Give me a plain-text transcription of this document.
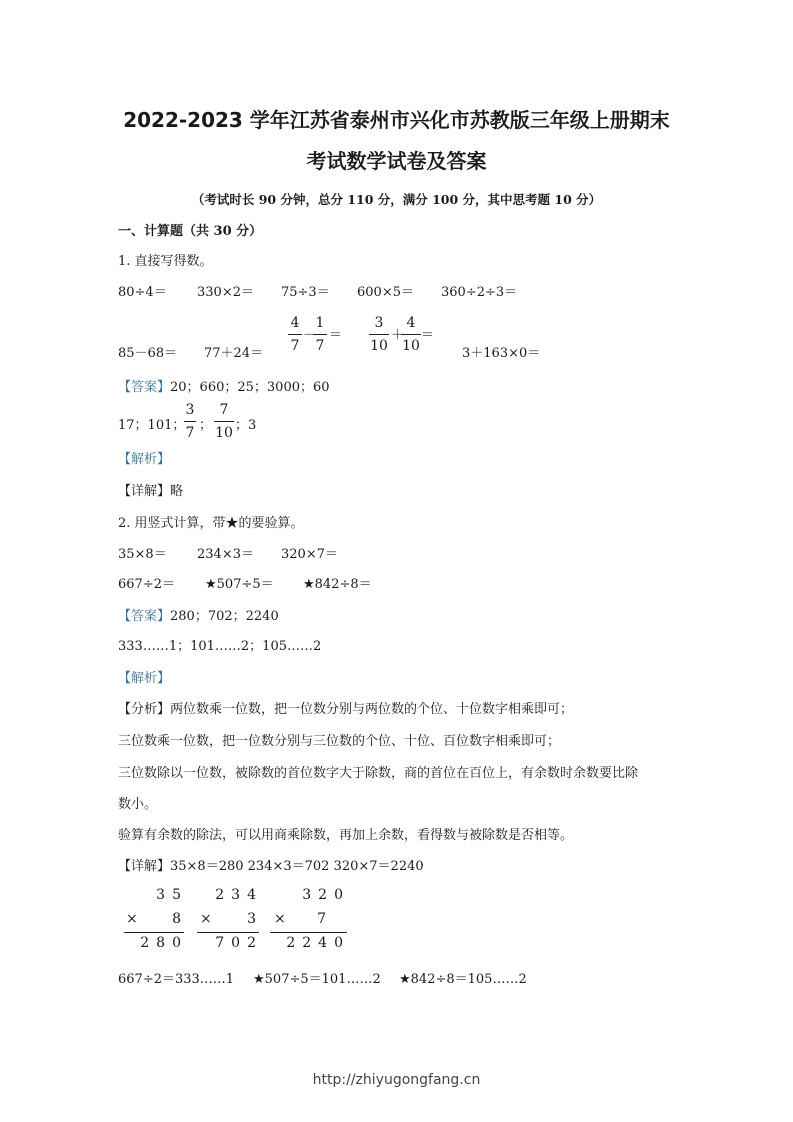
2022-2023 学年江苏省泰州市兴化市苏教版三年级上册期末
考试数学试卷及答案
（考试时长 90 分钟，总分 110 分，满分 100 分，其中思考题 10 分）
一、计算题（共 30 分）
1. 直接写得数。
80÷4＝ 330×2＝ 75÷3＝ 600×5＝ 360÷2÷3＝
85－68＝ 77＋24＝
4
7
－
1
7
＝
3
10
＋
4
10
＝
3＋163×0＝
【答案】20；660；25；3000；60
17；101；
3
7 ；
7
10 ；3
【解析】
【详解】略
2. 用竖式计算，带★的要验算。
35×8＝ 234×3＝ 320×7＝
667÷2＝ ★507÷5＝ ★842÷8＝
【答案】280；702；2240
333……1；101……2；105……2
【解析】
【分析】两位数乘一位数，把一位数分别与两位数的个位、十位数字相乘即可；
三位数乘一位数，把一位数分别与三位数的个位、十位、百位数字相乘即可；
三位数除以一位数，被除数的首位数字大于除数，商的首位在百位上，有余数时余数要比除
数小。
验算有余数的除法，可以用商乘除数，再加上余数，看得数与被除数是否相等。
【详解】35×8＝280 234×3＝702 320×7＝2240
35
×	8
280
234
×	3
702
320
×	7
2240
667÷2＝333……1 ★507÷5＝101……2 ★842÷8＝105……2
http://zhiyugongfang.cn
